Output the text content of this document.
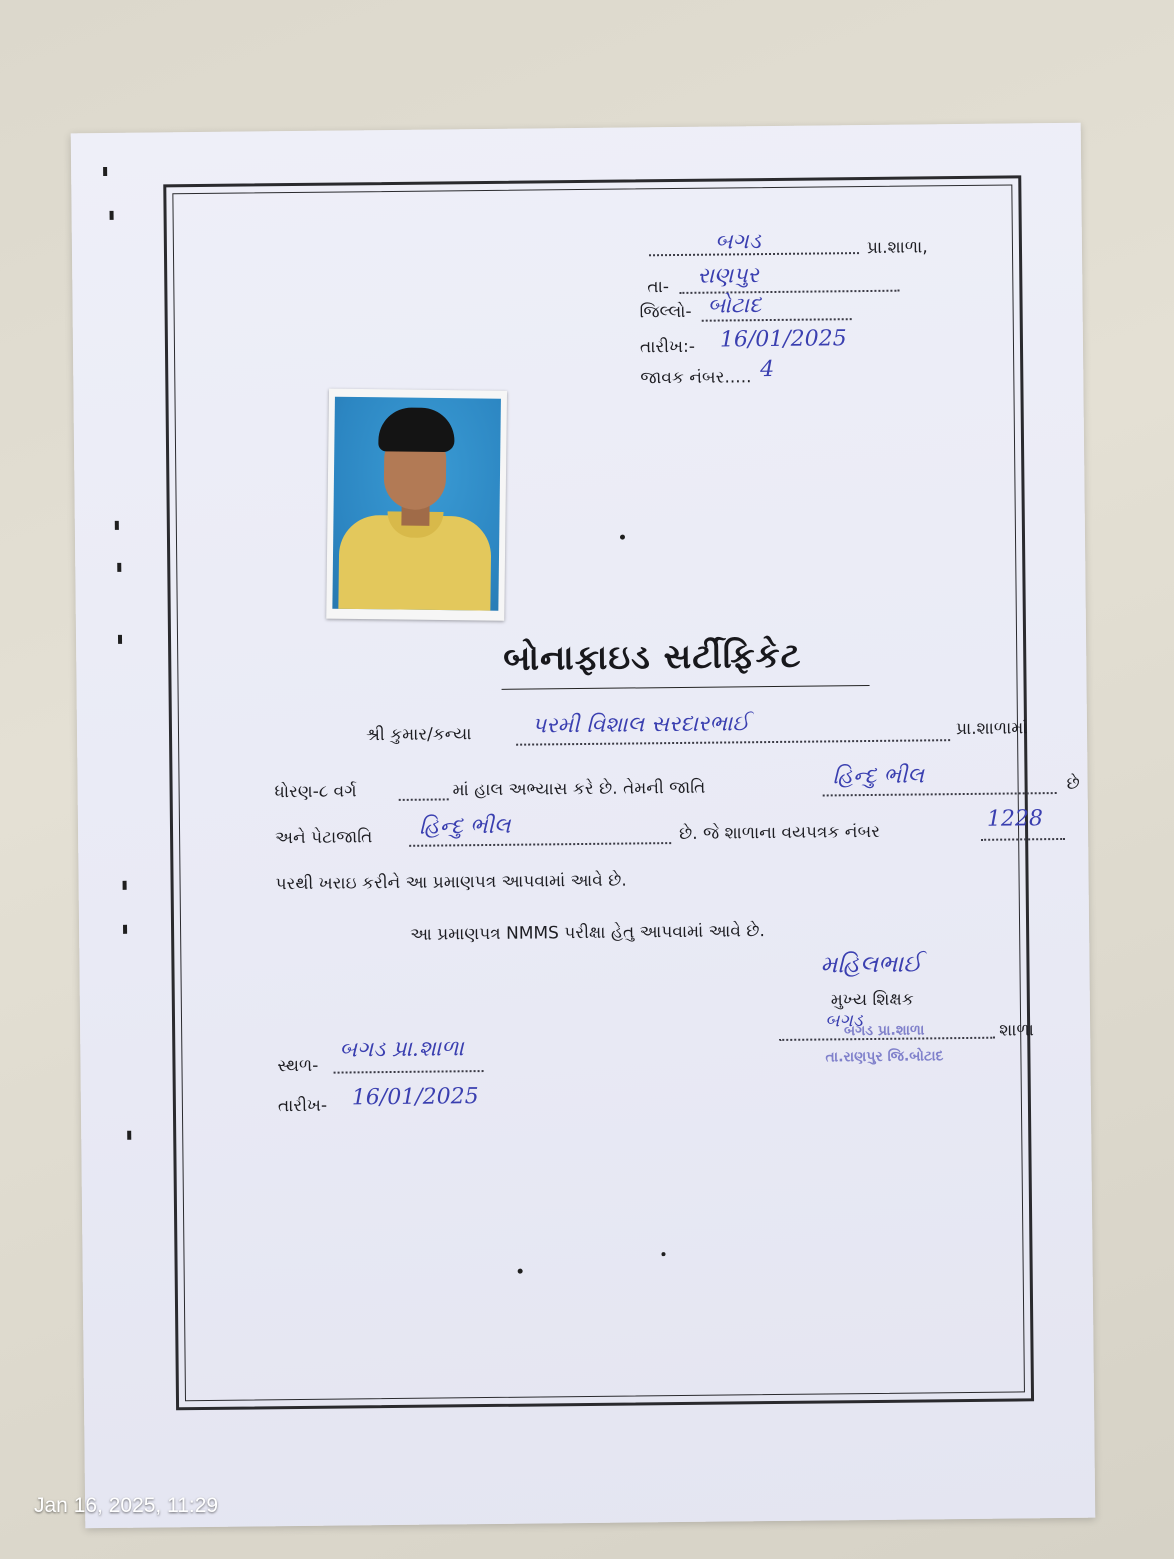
બગડ	પ્રા.શાળા,
તા- રાણપુર
જિલ્લો- બોટાદ
તારીખ:- 16/01/2025
જાવક નંબર..... 4
બોનાફાઇડ સર્ટીફિકેટ
શ્રી કુમાર/કન્યા	પરમી વિશાલ સરદારભાઈ	પ્રા.શાળામાં
ધોરણ-૮ વર્ગ	માં હાલ અભ્યાસ કરે છે. તેમની જાતિ	હિન્દુ ભીલ	છે
અને પેટાજાતિ હિન્દુ ભીલ	છે. જે શાળાના વયપત્રક નંબર
1228
પરથી ખરાઇ કરીને આ પ્રમાણપત્ર આપવામાં આવે છે.
આ પ્રમાણપત્ર NMMS પરીક્ષા હેતુ આપવામાં આવે છે.
મહિલભાઈ
મુખ્ય શિક્ષક
બગડ	શાળા
બગડ પ્રા.શાળા
તા.રાણપુર જિ.બોટાદ
સ્થળ-
બગડ પ્રા.શાળા
તારીખ- 16/01/2025
Jan 16, 2025, 11:29
